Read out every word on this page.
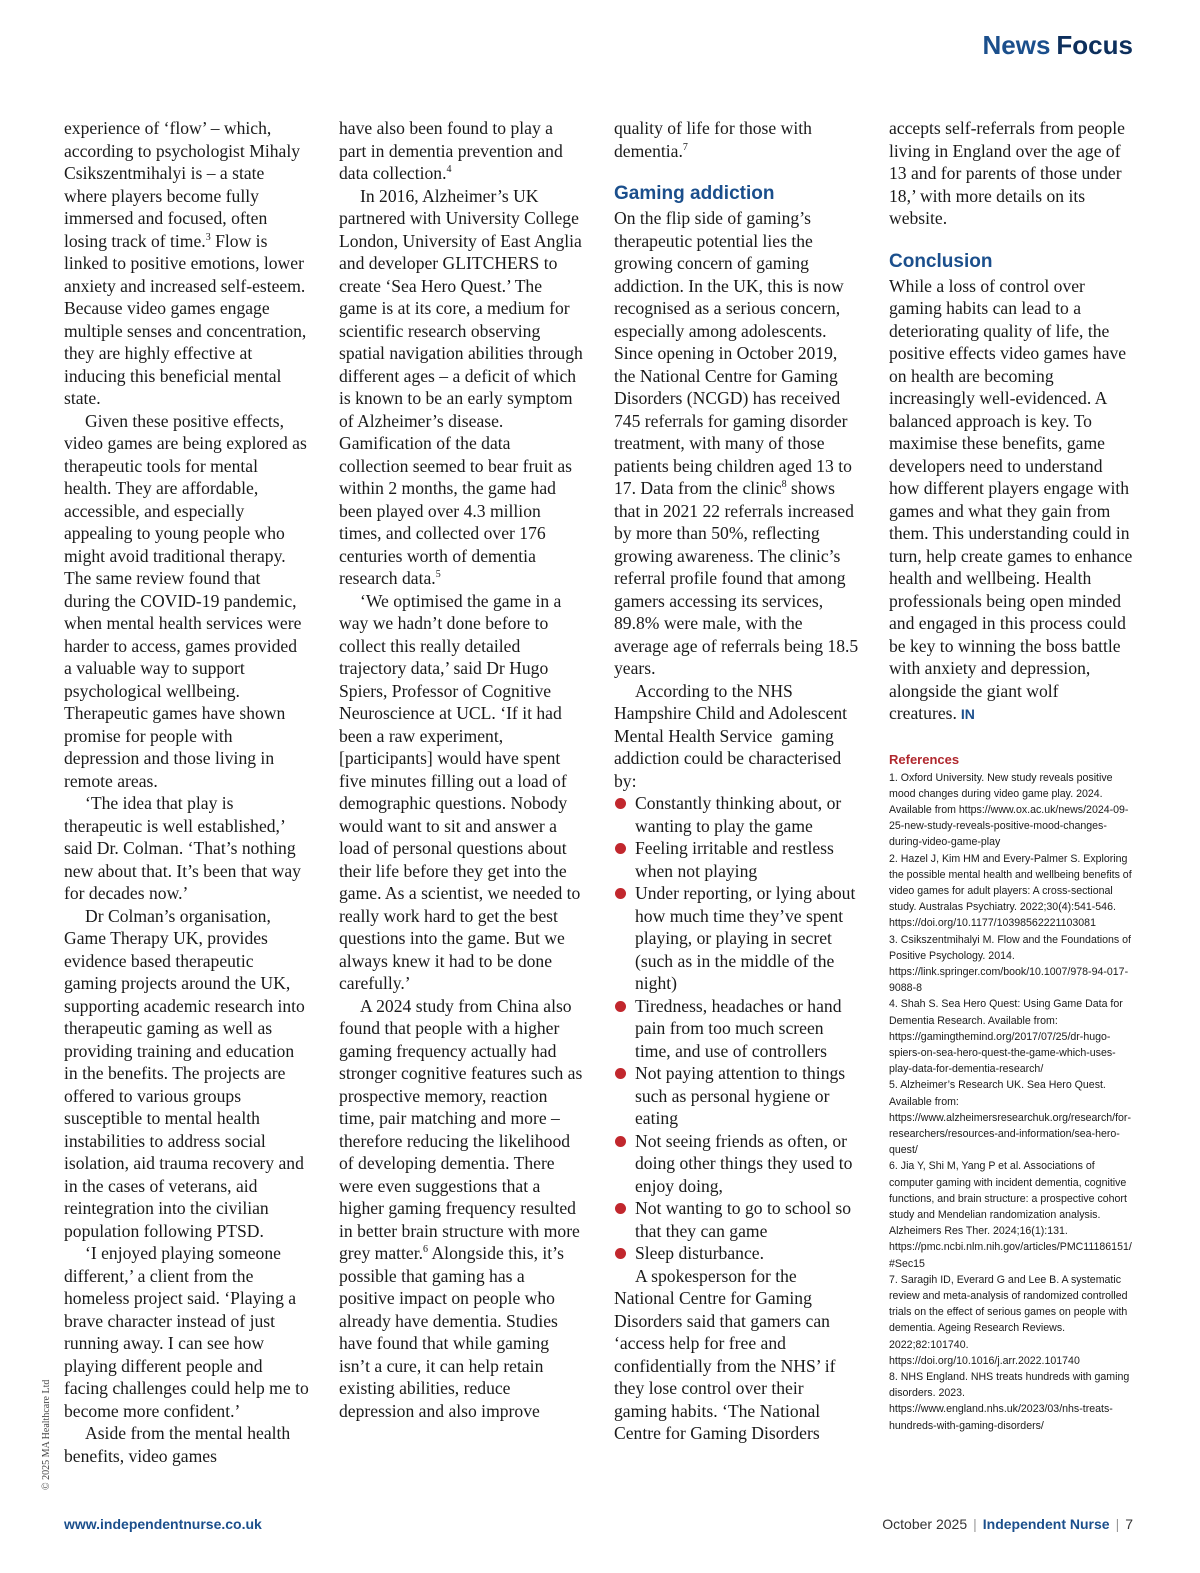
News Focus

experience of ‘flow’ – which, according to psychologist Mihaly Csikszentmihalyi is – a state where players become fully immersed and focused, often losing track of time.$^3$ Flow is linked to positive emotions, lower anxiety and increased self-esteem. Because video games engage multiple senses and concentration, they are highly effective at inducing this beneficial mental state.

Given these positive effects, video games are being explored as therapeutic tools for mental health. They are affordable, accessible, and especially appealing to young people who might avoid traditional therapy. The same review found that during the COVID-19 pandemic, when mental health services were harder to access, games provided a valuable way to support psychological wellbeing. Therapeutic games have shown promise for people with depression and those living in remote areas.

‘The idea that play is therapeutic is well established,’ said Dr. Colman. ‘That’s nothing new about that. It’s been that way for decades now.’

Dr Colman’s organisation, Game Therapy UK, provides evidence based therapeutic gaming projects around the UK, supporting academic research into therapeutic gaming as well as providing training and education in the benefits. The projects are offered to various groups susceptible to mental health instabilities to address social isolation, aid trauma recovery and in the cases of veterans, aid reintegration into the civilian population following PTSD.

‘I enjoyed playing someone different,’ a client from the homeless project said. ‘Playing a brave character instead of just running away. I can see how playing different people and facing challenges could help me to become more confident.’

Aside from the mental health benefits, video games

have also been found to play a part in dementia prevention and data collection.$^4$

In 2016, Alzheimer’s UK partnered with University College London, University of East Anglia and developer GLITCHERS to create ‘Sea Hero Quest.’ The game is at its core, a medium for scientific research observing spatial navigation abilities through different ages – a deficit of which is known to be an early symptom of Alzheimer’s disease. Gamification of the data collection seemed to bear fruit as within 2 months, the game had been played over 4.3 million times, and collected over 176 centuries worth of dementia research data.$^5$

‘We optimised the game in a way we hadn’t done before to collect this really detailed trajectory data,’ said Dr Hugo Spiers, Professor of Cognitive Neuroscience at UCL. ‘If it had been a raw experiment, [participants] would have spent five minutes filling out a load of demographic questions. Nobody would want to sit and answer a load of personal questions about their life before they get into the game. As a scientist, we needed to really work hard to get the best questions into the game. But we always knew it had to be done carefully.’

A 2024 study from China also found that people with a higher gaming frequency actually had stronger cognitive features such as prospective memory, reaction time, pair matching and more – therefore reducing the likelihood of developing dementia. There were even suggestions that a higher gaming frequency resulted in better brain structure with more grey matter.$^6$ Alongside this, it’s possible that gaming has a positive impact on people who already have dementia. Studies have found that while gaming isn’t a cure, it can help retain existing abilities, reduce depression and also improve

quality of life for those with dementia.$^7$

Gaming addiction

On the flip side of gaming’s therapeutic potential lies the growing concern of gaming addiction. In the UK, this is now recognised as a serious concern, especially among adolescents. Since opening in October 2019, the National Centre for Gaming Disorders (NCGD) has received 745 referrals for gaming disorder treatment, with many of those patients being children aged 13 to 17. Data from the clinic$^8$ shows that in 2021 22 referrals increased by more than 50%, reflecting growing awareness. The clinic’s referral profile found that among gamers accessing its services, 89.8% were male, with the average age of referrals being 18.5 years.

According to the NHS Hampshire Child and Adolescent Mental Health Service  gaming addiction could be characterised by:

Constantly thinking about, or wanting to play the game
Feeling irritable and restless when not playing
Under reporting, or lying about how much time they’ve spent playing, or playing in secret (such as in the middle of the night)
Tiredness, headaches or hand pain from too much screen time, and use of controllers
Not paying attention to things such as personal hygiene or eating
Not seeing friends as often, or doing other things they used to enjoy doing,
Not wanting to go to school so that they can game
Sleep disturbance.

A spokesperson for the National Centre for Gaming Disorders said that gamers can ‘access help for free and confidentially from the NHS’ if they lose control over their gaming habits. ‘The National Centre for Gaming Disorders

accepts self-referrals from people living in England over the age of 13 and for parents of those under 18,’ with more details on its website.

Conclusion

While a loss of control over gaming habits can lead to a deteriorating quality of life, the positive effects video games have on health are becoming increasingly well-evidenced. A balanced approach is key. To maximise these benefits, game developers need to understand how different players engage with games and what they gain from them. This understanding could in turn, help create games to enhance health and wellbeing. Health professionals being open minded and engaged in this process could be key to winning the boss battle with anxiety and depression, alongside the giant wolf creatures. IN

References
1. Oxford University. New study reveals positive mood changes during video game play. 2024. Available from https://www.ox.ac.uk/news/2024-09-25-new-study-reveals-positive-mood-changes-during-video-game-play
2. Hazel J, Kim HM and Every-Palmer S. Exploring the possible mental health and wellbeing benefits of video games for adult players: A cross-sectional study. Australas Psychiatry. 2022;30(4):541-546. https://doi.org/10.1177/10398562221103081
3. Csikszentmihalyi M. Flow and the Foundations of Positive Psychology. 2014. https://link.springer.com/book/10.1007/978-94-017-9088-8
4. Shah S. Sea Hero Quest: Using Game Data for Dementia Research. Available from: https://gamingthemind.org/2017/07/25/dr-hugo-spiers-on-sea-hero-quest-the-game-which-uses-play-data-for-dementia-research/
5. Alzheimer’s Research UK. Sea Hero Quest. Available from: https://www.alzheimersresearchuk.org/research/for-researchers/resources-and-information/sea-hero-quest/
6. Jia Y, Shi M, Yang P et al. Associations of computer gaming with incident dementia, cognitive functions, and brain structure: a prospective cohort study and Mendelian randomization analysis. Alzheimers Res Ther. 2024;16(1):131. https://pmc.ncbi.nlm.nih.gov/articles/PMC11186151/#Sec15
7. Saragih ID, Everard G and Lee B. A systematic review and meta-analysis of randomized controlled trials on the effect of serious games on people with dementia. Ageing Research Reviews. 2022;82:101740. https://doi.org/10.1016/j.arr.2022.101740
8. NHS England. NHS treats hundreds with gaming disorders. 2023. https://www.england.nhs.uk/2023/03/nhs-treats-hundreds-with-gaming-disorders/
© 2025 MA Healthcare Ltd
www.independentnurse.co.uk	October 2025 | Independent Nurse | 7
